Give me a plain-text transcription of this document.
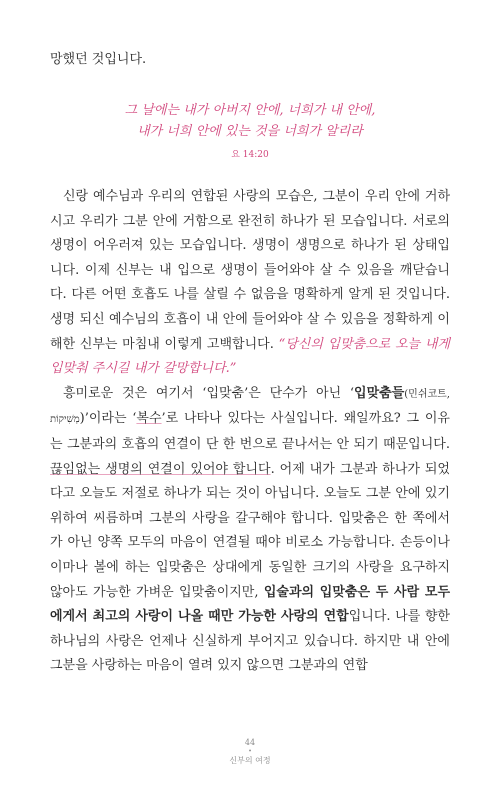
망했던 것입니다.
그 날에는 내가 아버지 안에, 너희가 내 안에,
내가 너희 안에 있는 것을 너희가 알리라
요 14:20

신랑 예수님과 우리의 연합된 사랑의 모습은, 그분이 우리 안에 거하시고 우리가 그분 안에 거함으로 완전히 하나가 된 모습입니다. 서로의 생명이 어우러져 있는 모습입니다. 생명이 생명으로 하나가 된 상태입니다. 이제 신부는 내 입으로 생명이 들어와야 살 수 있음을 깨닫습니다. 다른 어떤 호흡도 나를 살릴 수 없음을 명확하게 알게 된 것입니다. 생명 되신 예수님의 호흡이 내 안에 들어와야 살 수 있음을 정확하게 이해한 신부는 마침내 이렇게 고백합니다. “당신의 입맞춤으로 오늘 내게 입맞춰 주시길 내가 갈망합니다.”

흥미로운 것은 여기서 ‘입맞춤’은 단수가 아닌 ‘입맞춤들(민쉬코트, מְשִׁיקוֹת)’이라는 ‘복수’로 나타나 있다는 사실입니다. 왜일까요? 그 이유는 그분과의 호흡의 연결이 단 한 번으로 끝나서는 안 되기 때문입니다. 끊임없는 생명의 연결이 있어야 합니다. 어제 내가 그분과 하나가 되었다고 오늘도 저절로 하나가 되는 것이 아닙니다. 오늘도 그분 안에 있기 위하여 씨름하며 그분의 사랑을 갈구해야 합니다. 입맞춤은 한 쪽에서가 아닌 양쪽 모두의 마음이 연결될 때야 비로소 가능합니다. 손등이나 이마나 볼에 하는 입맞춤은 상대에게 동일한 크기의 사랑을 요구하지 않아도 가능한 가벼운 입맞춤이지만, 입술과의 입맞춤은 두 사람 모두에게서 최고의 사랑이 나올 때만 가능한 사랑의 연합입니다. 나를 향한 하나님의 사랑은 언제나 신실하게 부어지고 있습니다. 하지만 내 안에 그분을 사랑하는 마음이 열려 있지 않으면 그분과의 연합

44
•
신부의 여정
